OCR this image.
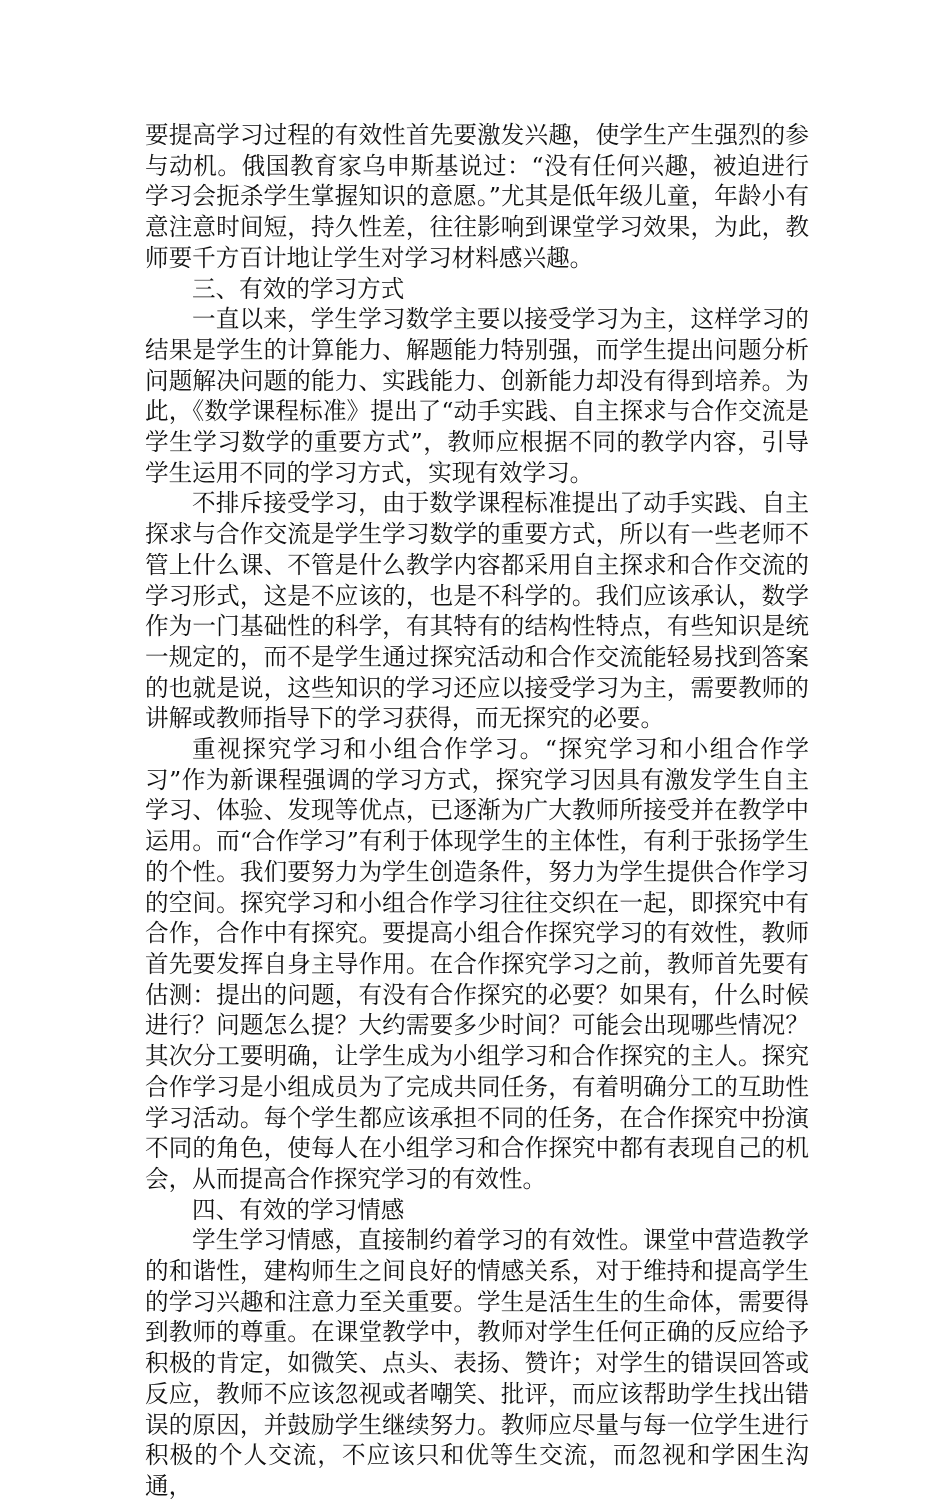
要提高学习过程的有效性首先要激发兴趣，使学生产生强烈的参与动机。俄国教育家乌申斯基说过：“没有任何兴趣，被迫进行学习会扼杀学生掌握知识的意愿。”尤其是低年级儿童，年龄小有意注意时间短，持久性差，往往影响到课堂学习效果，为此，教师要千方百计地让学生对学习材料感兴趣。

三、有效的学习方式

一直以来，学生学习数学主要以接受学习为主，这样学习的结果是学生的计算能力、解题能力特别强，而学生提出问题分析问题解决问题的能力、实践能力、创新能力却没有得到培养。为此，《数学课程标准》提出了“动手实践、自主探求与合作交流是学生学习数学的重要方式”，教师应根据不同的教学内容，引导学生运用不同的学习方式，实现有效学习。

不排斥接受学习，由于数学课程标准提出了动手实践、自主探求与合作交流是学生学习数学的重要方式，所以有一些老师不管上什么课、不管是什么教学内容都采用自主探求和合作交流的学习形式，这是不应该的，也是不科学的。我们应该承认，数学作为一门基础性的科学，有其特有的结构性特点，有些知识是统一规定的，而不是学生通过探究活动和合作交流能轻易找到答案的也就是说，这些知识的学习还应以接受学习为主，需要教师的讲解或教师指导下的学习获得，而无探究的必要。

重视探究学习和小组合作学习。“探究学习和小组合作学习”作为新课程强调的学习方式，探究学习因具有激发学生自主学习、体验、发现等优点，已逐渐为广大教师所接受并在教学中运用。而“合作学习”有利于体现学生的主体性，有利于张扬学生的个性。我们要努力为学生创造条件，努力为学生提供合作学习的空间。探究学习和小组合作学习往往交织在一起，即探究中有合作，合作中有探究。要提高小组合作探究学习的有效性，教师首先要发挥自身主导作用。在合作探究学习之前，教师首先要有估测：提出的问题，有没有合作探究的必要？如果有，什么时候进行？问题怎么提？大约需要多少时间？可能会出现哪些情况？其次分工要明确，让学生成为小组学习和合作探究的主人。探究合作学习是小组成员为了完成共同任务，有着明确分工的互助性学习活动。每个学生都应该承担不同的任务，在合作探究中扮演不同的角色，使每人在小组学习和合作探究中都有表现自己的机会，从而提高合作探究学习的有效性。

四、有效的学习情感

学生学习情感，直接制约着学习的有效性。课堂中营造教学的和谐性，建构师生之间良好的情感关系，对于维持和提高学生的学习兴趣和注意力至关重要。学生是活生生的生命体，需要得到教师的尊重。在课堂教学中，教师对学生任何正确的反应给予积极的肯定，如微笑、点头、表扬、赞许；对学生的错误回答或反应，教师不应该忽视或者嘲笑、批评，而应该帮助学生找出错误的原因，并鼓励学生继续努力。教师应尽量与每一位学生进行积极的个人交流，不应该只和优等生交流，而忽视和学困生沟通，
